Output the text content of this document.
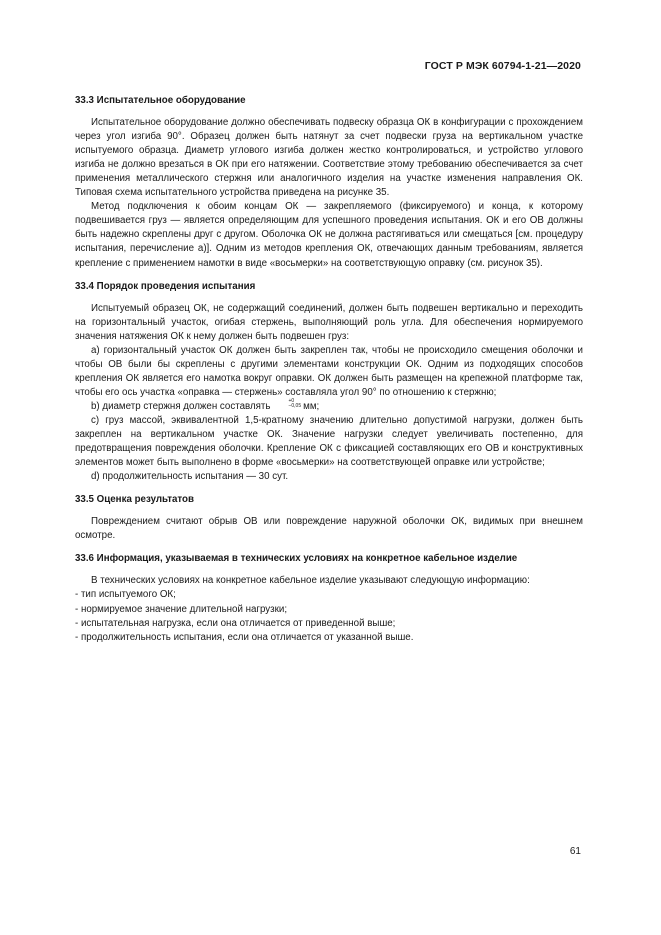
ГОСТ Р МЭК 60794-1-21—2020
33.3 Испытательное оборудование

Испытательное оборудование должно обеспечивать подвеску образца ОК в конфигурации с прохождением через угол изгиба 90°. Образец должен быть натянут за счет подвески груза на вертикальном участке испытуемого образца. Диаметр углового изгиба должен жестко контролироваться, и устройство углового изгиба не должно врезаться в ОК при его натяжении. Соответствие этому требованию обеспечивается за счет применения металлического стержня или аналогичного изделия на участке изменения направления ОК. Типовая схема испытательного устройства приведена на рисунке 35.

Метод подключения к обоим концам ОК — закрепляемого (фиксируемого) и конца, к которому подвешивается груз — является определяющим для успешного проведения испытания. ОК и его ОВ должны быть надежно скреплены друг с другом. Оболочка ОК не должна растягиваться или смещаться [см. процедуру испытания, перечисление а)]. Одним из методов крепления ОК, отвечающих данным требованиям, является крепление с применением намотки в виде «восьмерки» на соответствующую оправку (см. рисунок 35).

33.4 Порядок проведения испытания

Испытуемый образец ОК, не содержащий соединений, должен быть подвешен вертикально и переходить на горизонтальный участок, огибая стержень, выполняющий роль угла. Для обеспечения нормируемого значения натяжения ОК к нему должен быть подвешен груз:

а) горизонтальный участок ОК должен быть закреплен так, чтобы не происходило смещения оболочки и чтобы ОВ были бы скреплены с другими элементами конструкции ОК. Одним из подходящих способов крепления ОК является его намотка вокруг оправки. ОК должен быть размещен на крепежной платформе так, чтобы его ось участка «оправка — стержень» составляла угол 90° по отношению к стержню;

b) диаметр стержня должен составлять	+0
−0,05 мм;

с) груз массой, эквивалентной 1,5-кратному значению длительно допустимой нагрузки, должен быть закреплен на вертикальном участке ОК. Значение нагрузки следует увеличивать постепенно, для предотвращения повреждения оболочки. Крепление ОК с фиксацией составляющих его ОВ и конструктивных элементов может быть выполнено в форме «восьмерки» на соответствующей оправке или устройстве;

d) продолжительность испытания — 30 сут.

33.5 Оценка результатов

Повреждением считают обрыв ОВ или повреждение наружной оболочки ОК, видимых при внешнем осмотре.

33.6 Информация, указываемая в технических условиях на конкретное кабельное изделие

В технических условиях на конкретное кабельное изделие указывают следующую информацию:

- тип испытуемого ОК;
- нормируемое значение длительной нагрузки;
- испытательная нагрузка, если она отличается от приведенной выше;
- продолжительность испытания, если она отличается от указанной выше.
61
